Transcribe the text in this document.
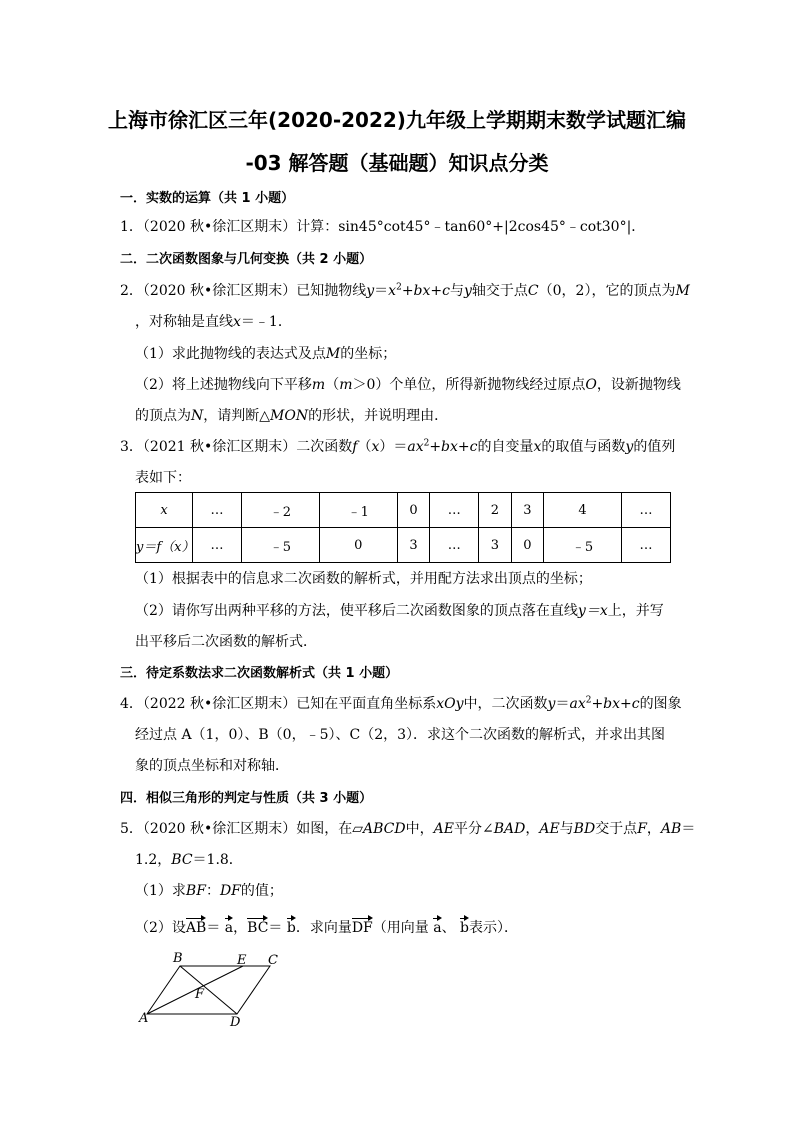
上海市徐汇区三年(2020-2022)九年级上学期期末数学试题汇编
-03 解答题（基础题）知识点分类
一．实数的运算（共 1 小题）
1．（2020 秋•徐汇区期末）计算：sin45°cot45°﹣tan60°+|2cos45°﹣cot30°|．
二．二次函数图象与几何变换（共 2 小题）
2．（2020 秋•徐汇区期末）已知抛物线$y=x^2+bx+c$与y轴交于点C（0，2），它的顶点为M
，对称轴是直线x＝﹣1．
（1）求此抛物线的表达式及点M的坐标；
（2）将上述抛物线向下平移m（m＞0）个单位，所得新抛物线经过原点O，设新抛物线
的顶点为N，请判断△MON的形状，并说明理由．
3．（2021 秋•徐汇区期末）二次函数$f(x)=ax^2+bx+c$的自变量x的取值与函数y的值列
表如下：
x	…	﹣2	﹣1	0	…	2	3	4	…
y＝f（x）	…	﹣5	0	3	…	3	0	﹣5	…
（1）根据表中的信息求二次函数的解析式，并用配方法求出顶点的坐标；
（2）请你写出两种平移的方法，使平移后二次函数图象的顶点落在直线y＝x上，并写
出平移后二次函数的解析式．
三．待定系数法求二次函数解析式（共 1 小题）
4．（2022 秋•徐汇区期末）已知在平面直角坐标系xOy中，二次函数$y=ax^2+bx+c$的图象
经过点 A（1，0）、B（0，﹣5）、C（2，3）．求这个二次函数的解析式，并求出其图
象的顶点坐标和对称轴．
四．相似三角形的判定与性质（共 3 小题）
5．（2020 秋•徐汇区期末）如图，在▱ABCD中，AE平分∠BAD，AE与BD交于点F，AB＝
1.2，BC＝1.8．
（1）求BF：DF的值；
（2）设AB＝ a，BC＝ b．求向量DF（用向量 a、 b表示）．
B	E C
F
A	D
